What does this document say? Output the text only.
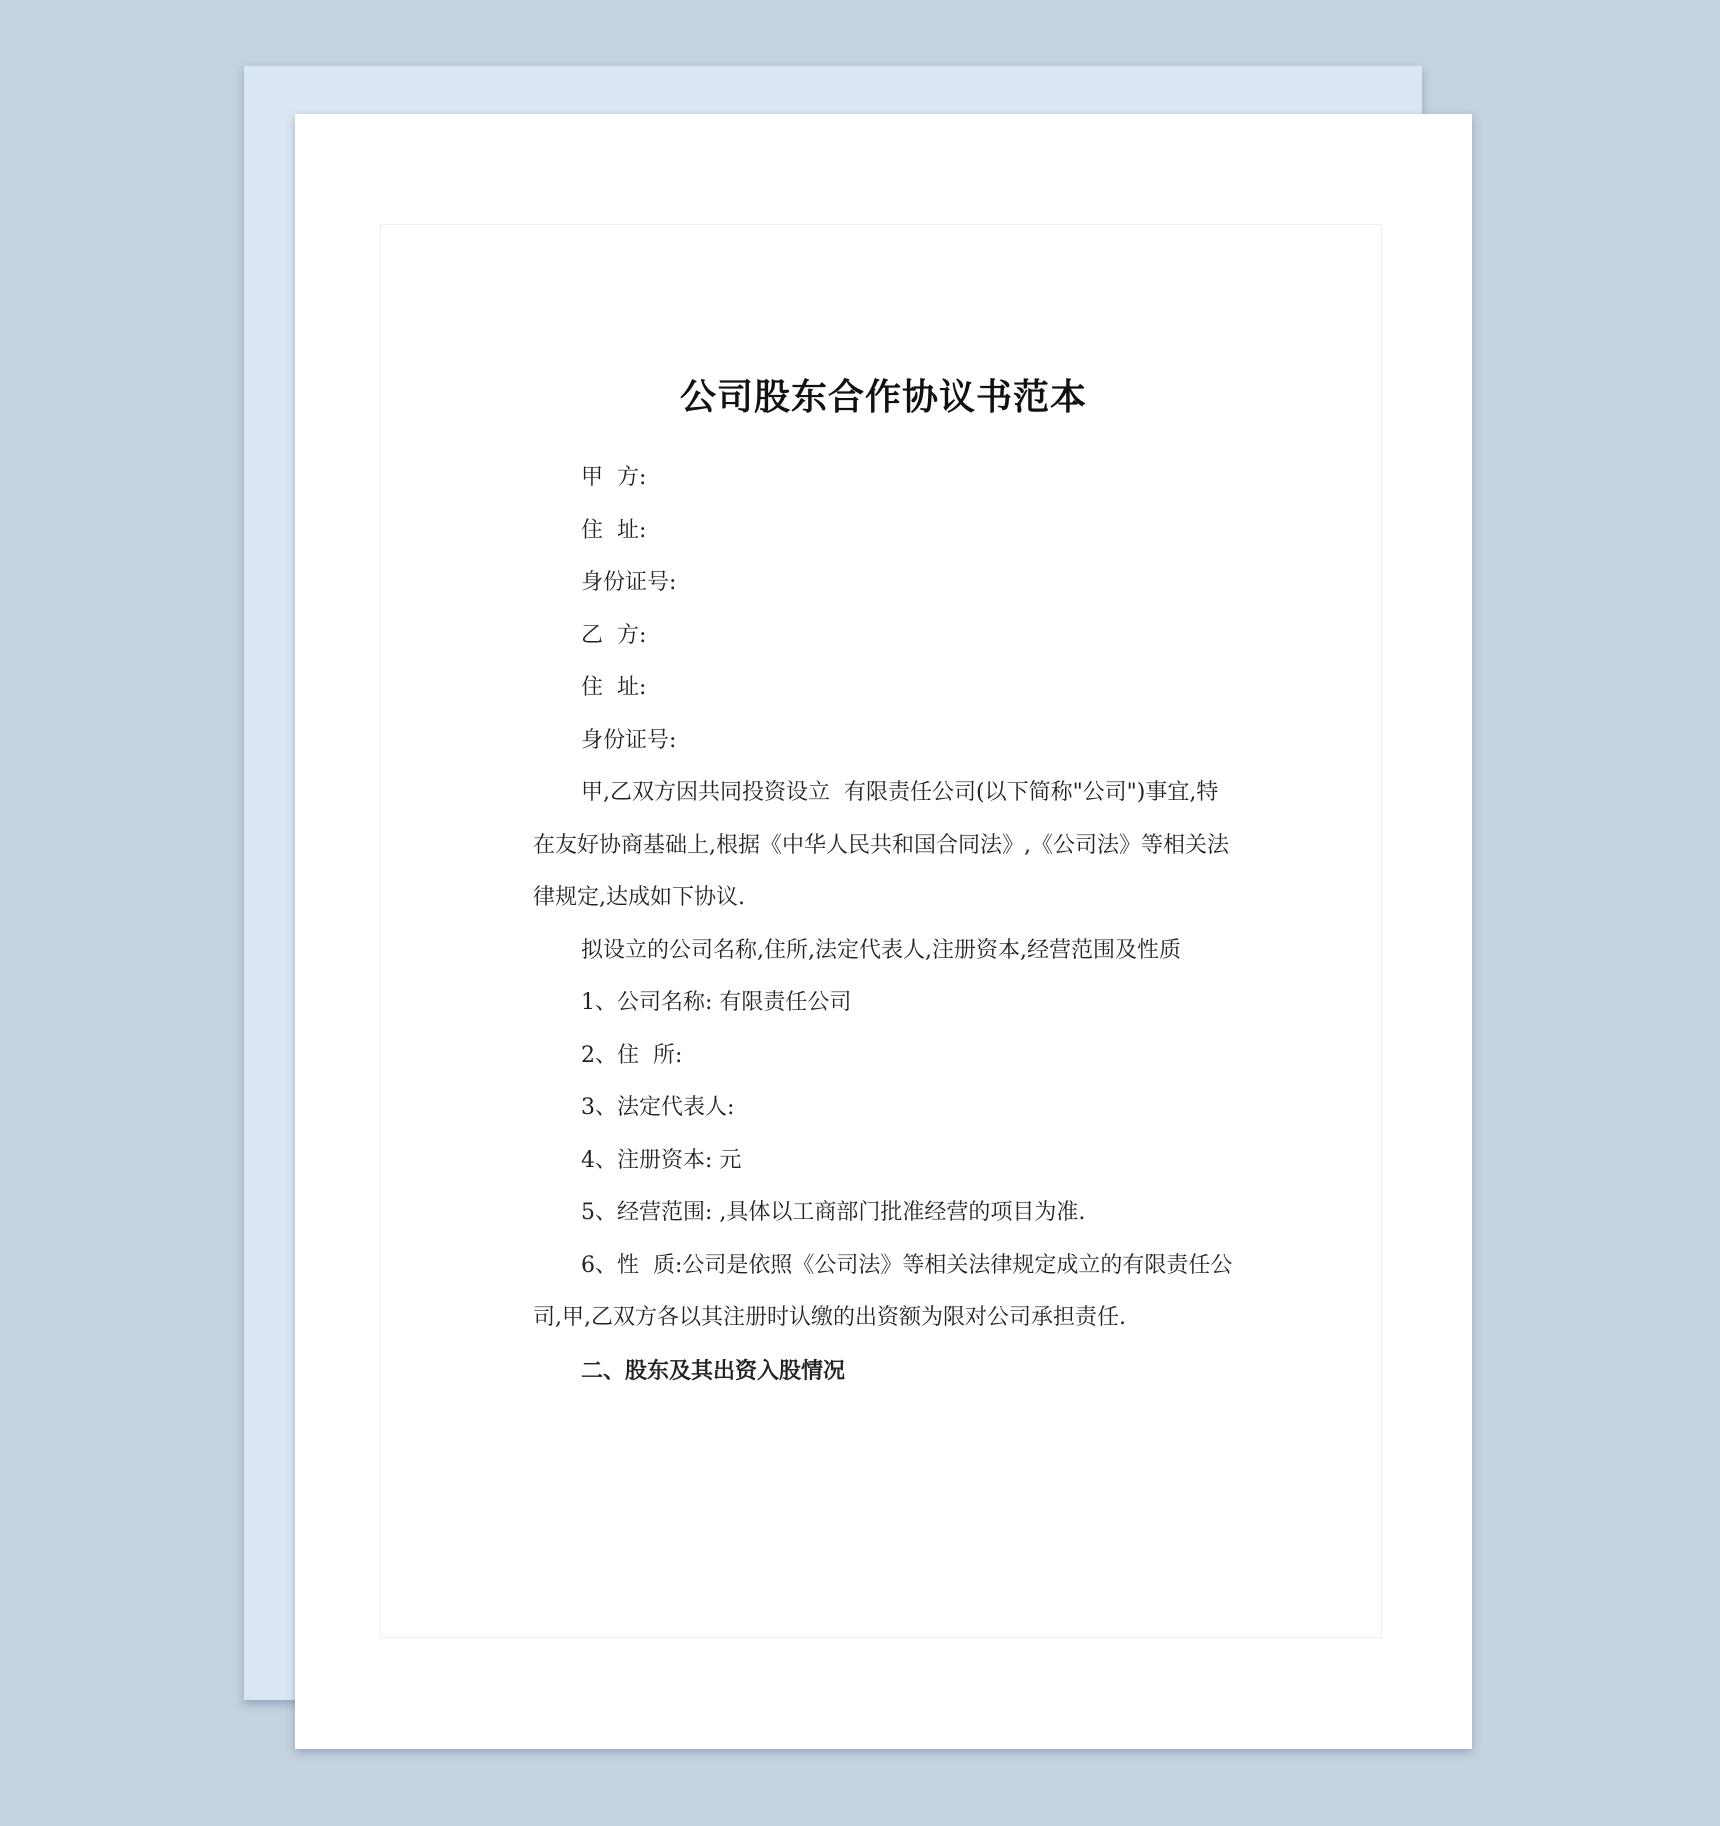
公司股东合作协议书范本

甲  方:

住  址:

身份证号:

乙  方:

住  址:

身份证号:

甲,乙双方因共同投资设立  有限责任公司(以下简称"公司")事宜,特在友好协商基础上,根据《中华人民共和国合同法》,《公司法》等相关法律规定,达成如下协议.

拟设立的公司名称,住所,法定代表人,注册资本,经营范围及性质

1、公司名称: 有限责任公司

2、住  所:

3、法定代表人:

4、注册资本: 元

5、经营范围: ,具体以工商部门批准经营的项目为准.

6、性  质:公司是依照《公司法》等相关法律规定成立的有限责任公司,甲,乙双方各以其注册时认缴的出资额为限对公司承担责任.

二、股东及其出资入股情况
